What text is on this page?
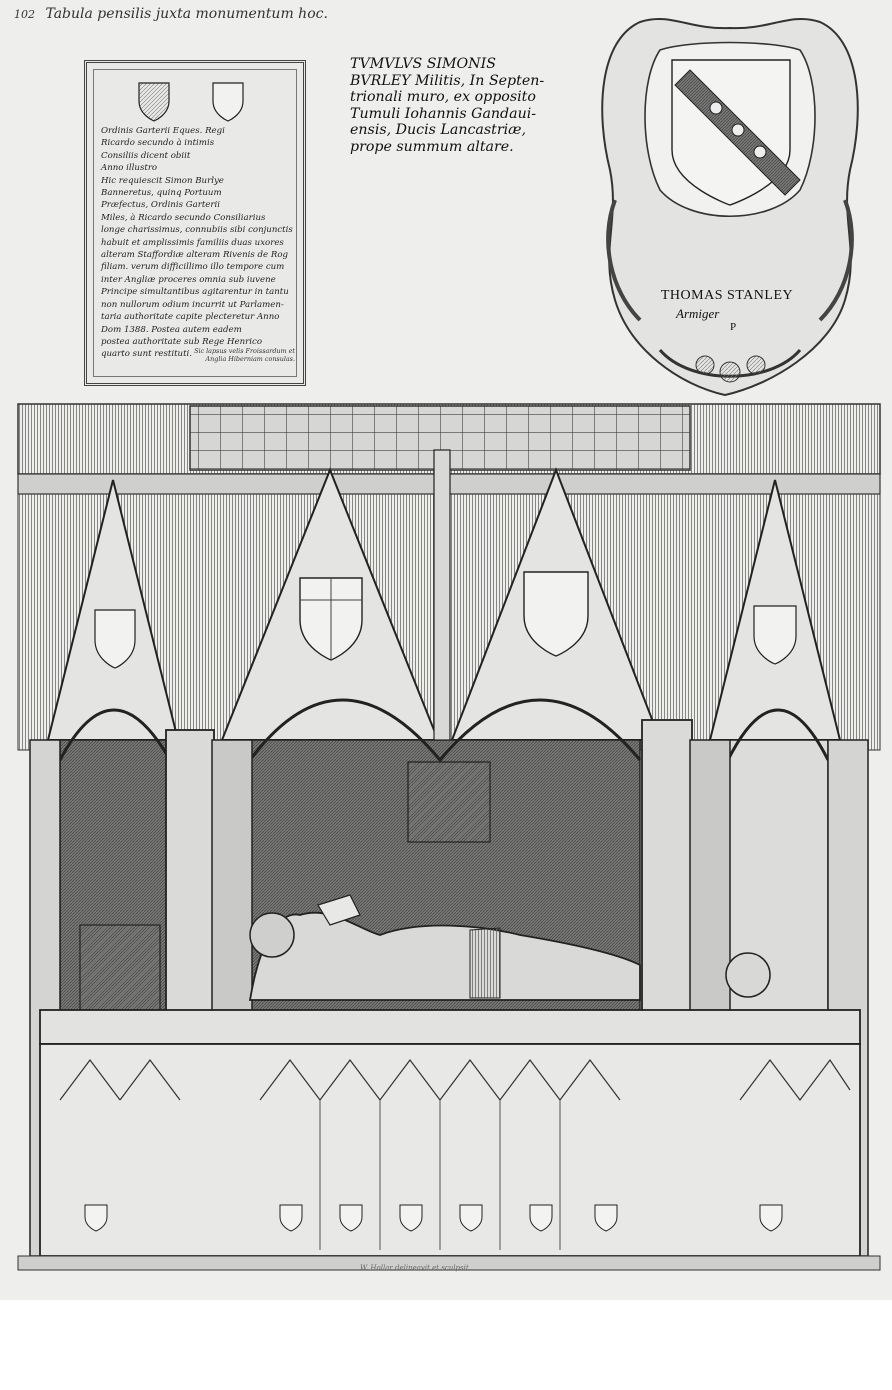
102 Tabula pensilis juxta monumentum hoc.
Ordinis Garterii Eques. Regi
Ricardo secundo à intimis
Consiliis dicent obiit
Anno illustro
Hic requiescit Simon Burlye
Banneretus, quinq Portuum
Præfectus, Ordinis Garterii
Miles, à Ricardo secundo Consiliarius
longe charissimus, connubiis sibi conjunctis
habuit et amplissimis familiis duas uxores
alteram Staffordiæ alteram Rivenis de Rog
filiam. verum difficillimo illo tempore cum
inter Angliæ proceres omnia sub iuvene
Principe simultantibus agitarentur in tantu
non nullorum odium incurrit ut Parlamen-
taria authoritate capite plecteretur Anno
Dom 1388. Postea autem eadem
postea authoritate sub Rege Henrico
quarto sunt restituti. Sic lapsus velis Froissardum et
Anglia Hiberniam consulas.
TVMVLVS SIMONIS
BVRLEY Militis, In Septen-
trionali muro, ex opposito
Tumuli Iohannis Gandaui-
ensis, Ducis Lancastriæ,
prope summum altare.
THOMAS STANLEY
Armiger
P
W. Hollar delineavit et sculpsit
